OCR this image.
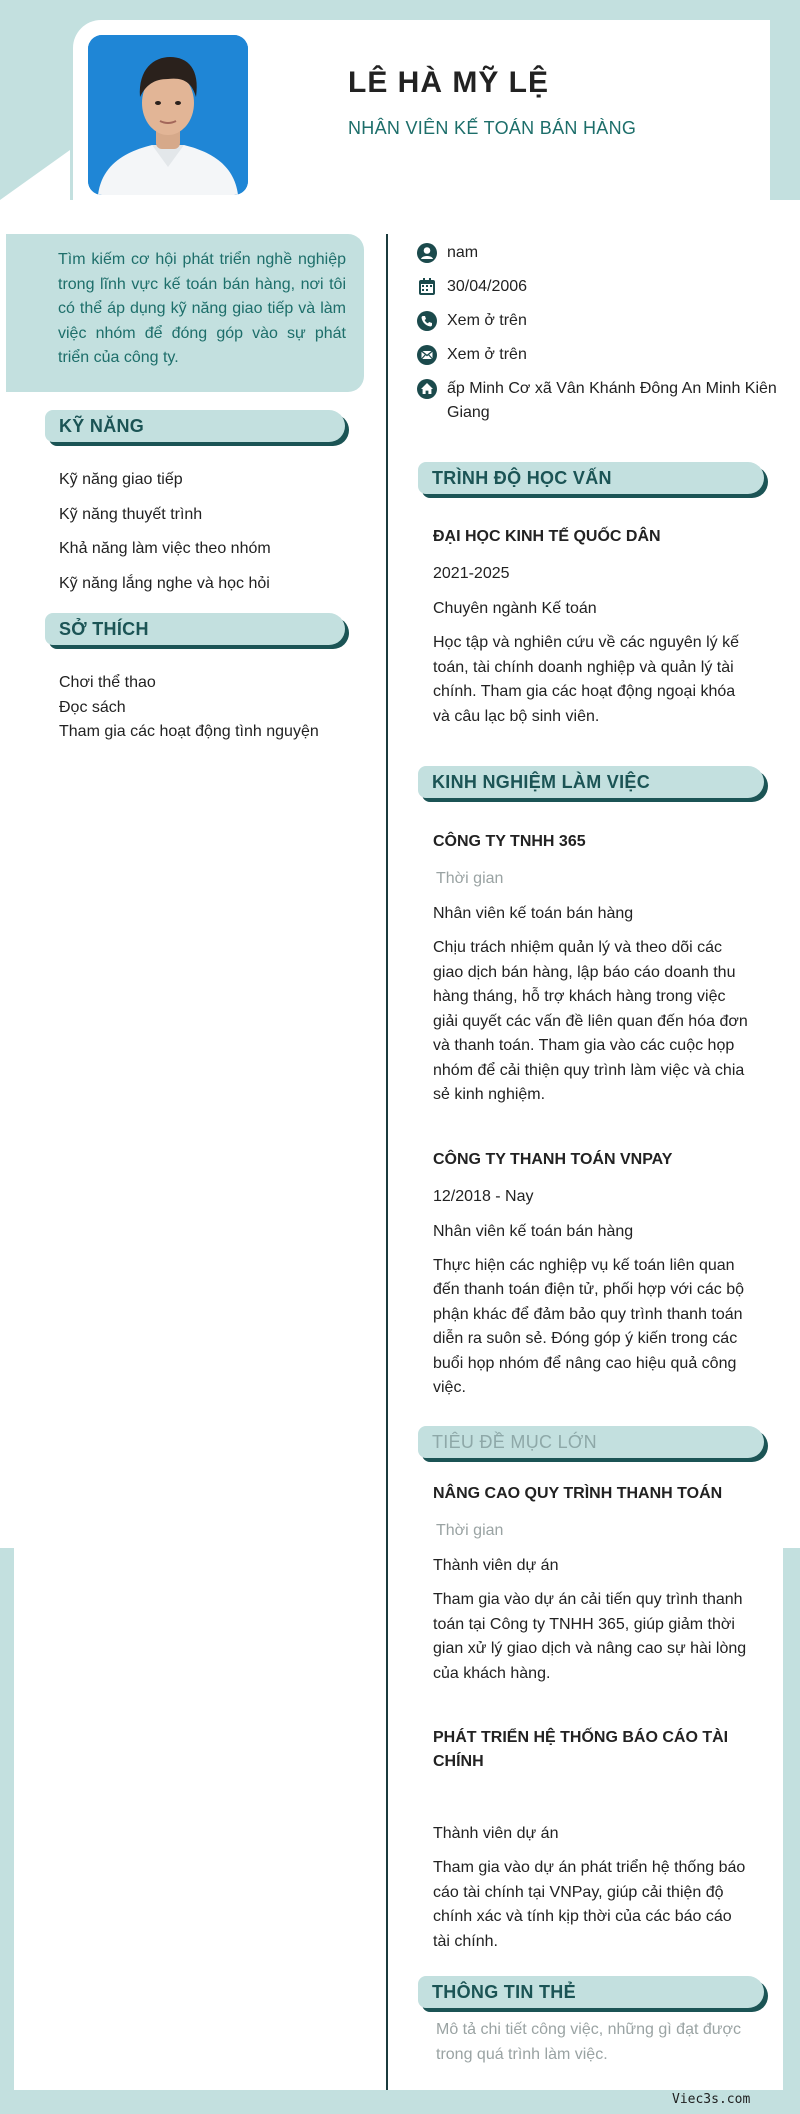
LÊ HÀ MỸ LỆ
NHÂN VIÊN KẾ TOÁN BÁN HÀNG

Tìm kiếm cơ hội phát triển nghề nghiệp trong lĩnh vực kế toán bán hàng, nơi tôi có thể áp dụng kỹ năng giao tiếp và làm việc nhóm để đóng góp vào sự phát triển của công ty.

KỸ NĂNG
Kỹ năng giao tiếp
Kỹ năng thuyết trình
Khả năng làm việc theo nhóm
Kỹ năng lắng nghe và học hỏi
SỞ THÍCH
Chơi thể thao
Đọc sách
Tham gia các hoạt động tình nguyện
nam
30/04/2006
Xem ở trên
Xem ở trên
ấp Minh Cơ xã Vân Khánh Đông An Minh Kiên Giang
TRÌNH ĐỘ HỌC VẤN
ĐẠI HỌC KINH TẾ QUỐC DÂN
2021-2025
Chuyên ngành Kế toán
Học tập và nghiên cứu về các nguyên lý kế toán, tài chính doanh nghiệp và quản lý tài chính. Tham gia các hoạt động ngoại khóa và câu lạc bộ sinh viên.
KINH NGHIỆM LÀM VIỆC
CÔNG TY TNHH 365
Thời gian
Nhân viên kế toán bán hàng
Chịu trách nhiệm quản lý và theo dõi các giao dịch bán hàng, lập báo cáo doanh thu hàng tháng, hỗ trợ khách hàng trong việc giải quyết các vấn đề liên quan đến hóa đơn và thanh toán. Tham gia vào các cuộc họp nhóm để cải thiện quy trình làm việc và chia sẻ kinh nghiệm.
CÔNG TY THANH TOÁN VNPAY
12/2018 - Nay
Nhân viên kế toán bán hàng
Thực hiện các nghiệp vụ kế toán liên quan đến thanh toán điện tử, phối hợp với các bộ phận khác để đảm bảo quy trình thanh toán diễn ra suôn sẻ. Đóng góp ý kiến trong các buổi họp nhóm để nâng cao hiệu quả công việc.
TIÊU ĐỀ MỤC LỚN
NÂNG CAO QUY TRÌNH THANH TOÁN
Thời gian
Thành viên dự án
Tham gia vào dự án cải tiến quy trình thanh toán tại Công ty TNHH 365, giúp giảm thời gian xử lý giao dịch và nâng cao sự hài lòng của khách hàng.
PHÁT TRIỂN HỆ THỐNG BÁO CÁO TÀI CHÍNH
Thành viên dự án
Tham gia vào dự án phát triển hệ thống báo cáo tài chính tại VNPay, giúp cải thiện độ chính xác và tính kịp thời của các báo cáo tài chính.
THÔNG TIN THẺ
Mô tả chi tiết công việc, những gì đạt được trong quá trình làm việc.
Viec3s.com
